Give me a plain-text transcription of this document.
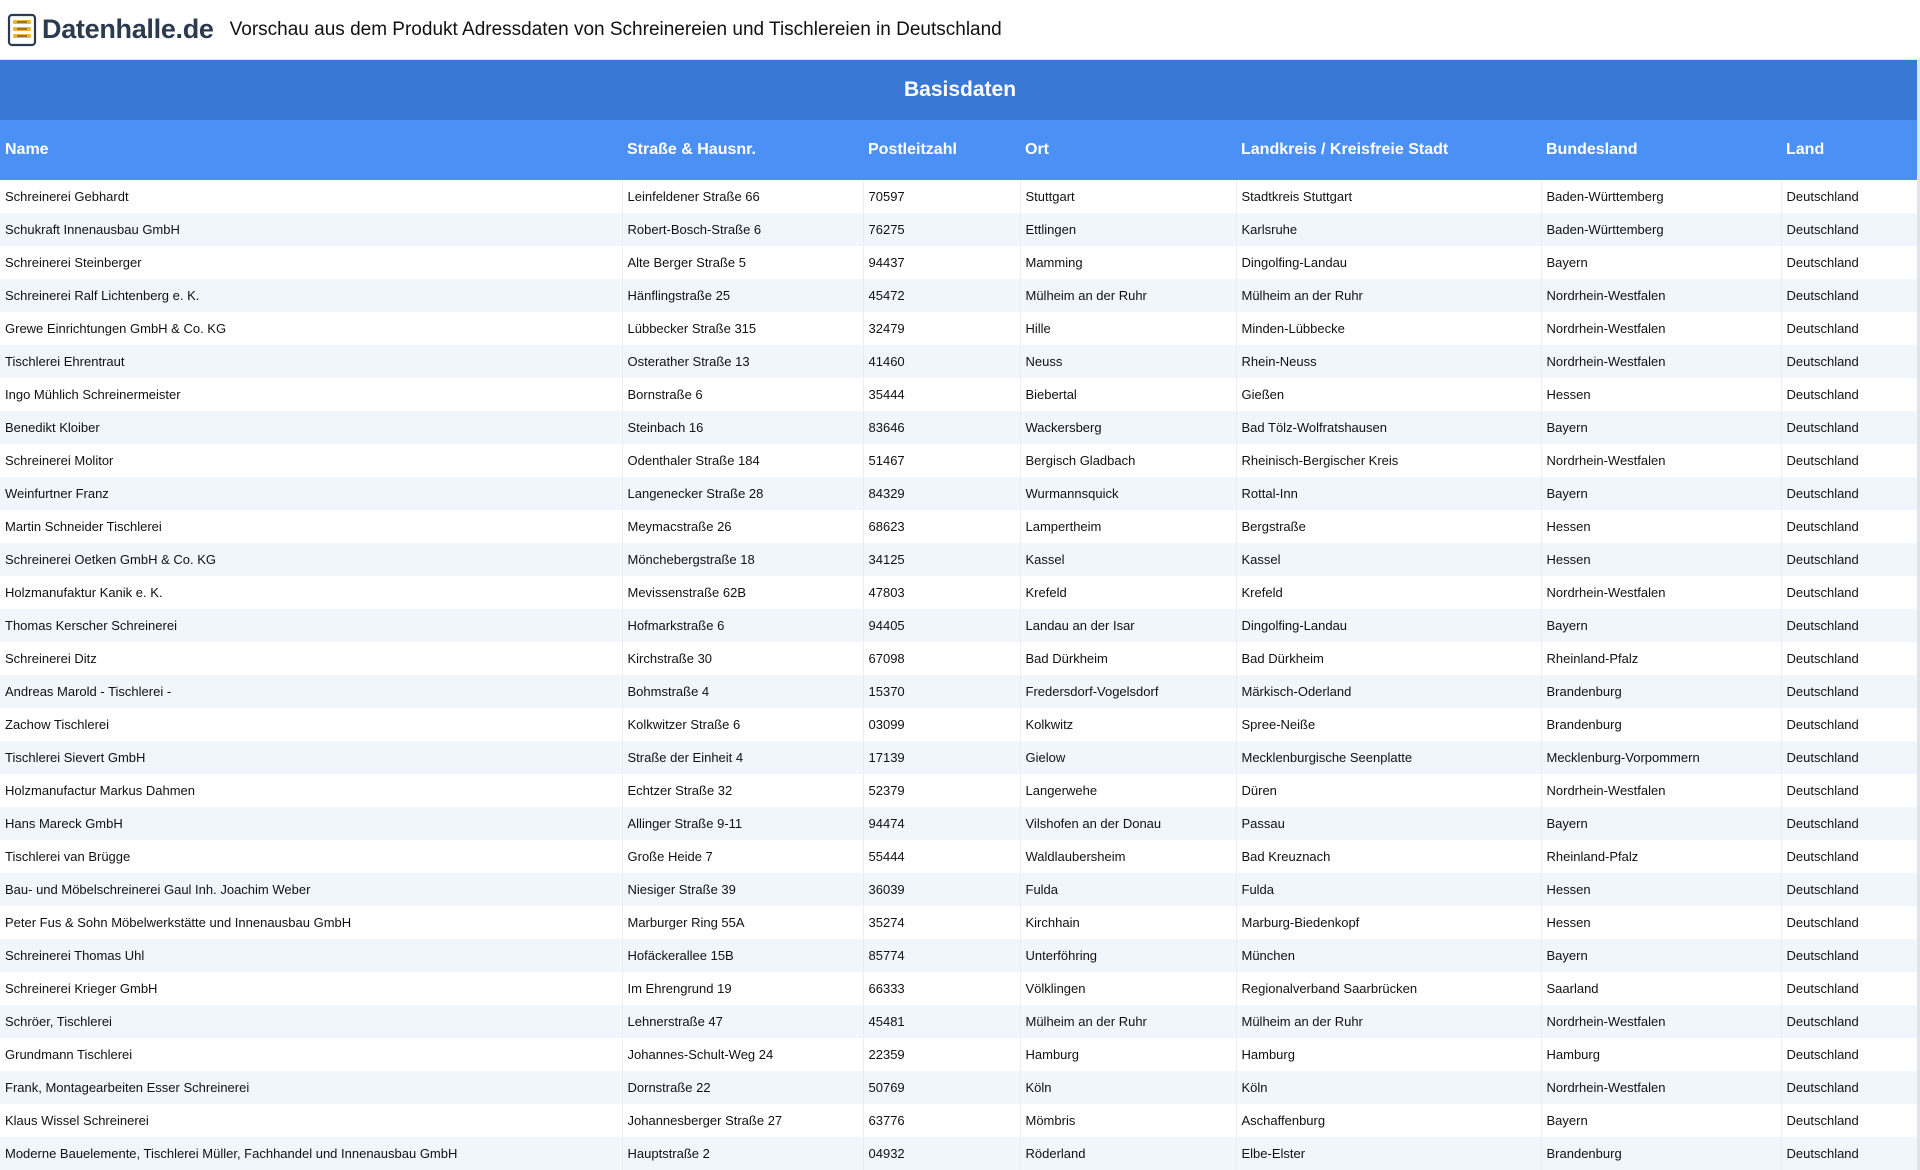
Datenhalle.de Vorschau aus dem Produkt Adressdaten von Schreinereien und Tischlereien in Deutschland
Basisdaten						
Name	Straße & Hausnr.	Postleitzahl	Ort	Landkreis / Kreisfreie Stadt	Bundesland	Land
Schreinerei Gebhardt	Leinfeldener Straße 66	70597	Stuttgart	Stadtkreis Stuttgart	Baden-Württemberg	Deutschland
Schukraft Innenausbau GmbH	Robert-Bosch-Straße 6	76275	Ettlingen	Karlsruhe	Baden-Württemberg	Deutschland
Schreinerei Steinberger	Alte Berger Straße 5	94437	Mamming	Dingolfing-Landau	Bayern	Deutschland
Schreinerei Ralf Lichtenberg e. K.	Hänflingstraße 25	45472	Mülheim an der Ruhr	Mülheim an der Ruhr	Nordrhein-Westfalen	Deutschland
Grewe Einrichtungen GmbH & Co. KG	Lübbecker Straße 315	32479	Hille	Minden-Lübbecke	Nordrhein-Westfalen	Deutschland
Tischlerei Ehrentraut	Osterather Straße 13	41460	Neuss	Rhein-Neuss	Nordrhein-Westfalen	Deutschland
Ingo Mühlich Schreinermeister	Bornstraße 6	35444	Biebertal	Gießen	Hessen	Deutschland
Benedikt Kloiber	Steinbach 16	83646	Wackersberg	Bad Tölz-Wolfratshausen	Bayern	Deutschland
Schreinerei Molitor	Odenthaler Straße 184	51467	Bergisch Gladbach	Rheinisch-Bergischer Kreis	Nordrhein-Westfalen	Deutschland
Weinfurtner Franz	Langenecker Straße 28	84329	Wurmannsquick	Rottal-Inn	Bayern	Deutschland
Martin Schneider Tischlerei	Meymacstraße 26	68623	Lampertheim	Bergstraße	Hessen	Deutschland
Schreinerei Oetken GmbH & Co. KG	Mönchebergstraße 18	34125	Kassel	Kassel	Hessen	Deutschland
Holzmanufaktur Kanik e. K.	Mevissenstraße 62B	47803	Krefeld	Krefeld	Nordrhein-Westfalen	Deutschland
Thomas Kerscher Schreinerei	Hofmarkstraße 6	94405	Landau an der Isar	Dingolfing-Landau	Bayern	Deutschland
Schreinerei Ditz	Kirchstraße 30	67098	Bad Dürkheim	Bad Dürkheim	Rheinland-Pfalz	Deutschland
Andreas Marold - Tischlerei -	Bohmstraße 4	15370	Fredersdorf-Vogelsdorf	Märkisch-Oderland	Brandenburg	Deutschland
Zachow Tischlerei	Kolkwitzer Straße 6	03099	Kolkwitz	Spree-Neiße	Brandenburg	Deutschland
Tischlerei Sievert GmbH	Straße der Einheit 4	17139	Gielow	Mecklenburgische Seenplatte	Mecklenburg-Vorpommern	Deutschland
Holzmanufactur Markus Dahmen	Echtzer Straße 32	52379	Langerwehe	Düren	Nordrhein-Westfalen	Deutschland
Hans Mareck GmbH	Allinger Straße 9-11	94474	Vilshofen an der Donau	Passau	Bayern	Deutschland
Tischlerei van Brügge	Große Heide 7	55444	Waldlaubersheim	Bad Kreuznach	Rheinland-Pfalz	Deutschland
Bau- und Möbelschreinerei Gaul Inh. Joachim Weber	Niesiger Straße 39	36039	Fulda	Fulda	Hessen	Deutschland
Peter Fus & Sohn Möbelwerkstätte und Innenausbau GmbH	Marburger Ring 55A	35274	Kirchhain	Marburg-Biedenkopf	Hessen	Deutschland
Schreinerei Thomas Uhl	Hofäckerallee 15B	85774	Unterföhring	München	Bayern	Deutschland
Schreinerei Krieger GmbH	Im Ehrengrund 19	66333	Völklingen	Regionalverband Saarbrücken	Saarland	Deutschland
Schröer, Tischlerei	Lehnerstraße 47	45481	Mülheim an der Ruhr	Mülheim an der Ruhr	Nordrhein-Westfalen	Deutschland
Grundmann Tischlerei	Johannes-Schult-Weg 24	22359	Hamburg	Hamburg	Hamburg	Deutschland
Frank, Montagearbeiten Esser Schreinerei	Dornstraße 22	50769	Köln	Köln	Nordrhein-Westfalen	Deutschland
Klaus Wissel Schreinerei	Johannesberger Straße 27	63776	Mömbris	Aschaffenburg	Bayern	Deutschland
Moderne Bauelemente, Tischlerei Müller, Fachhandel und Innenausbau GmbH	Hauptstraße 2	04932	Röderland	Elbe-Elster	Brandenburg	Deutschland
